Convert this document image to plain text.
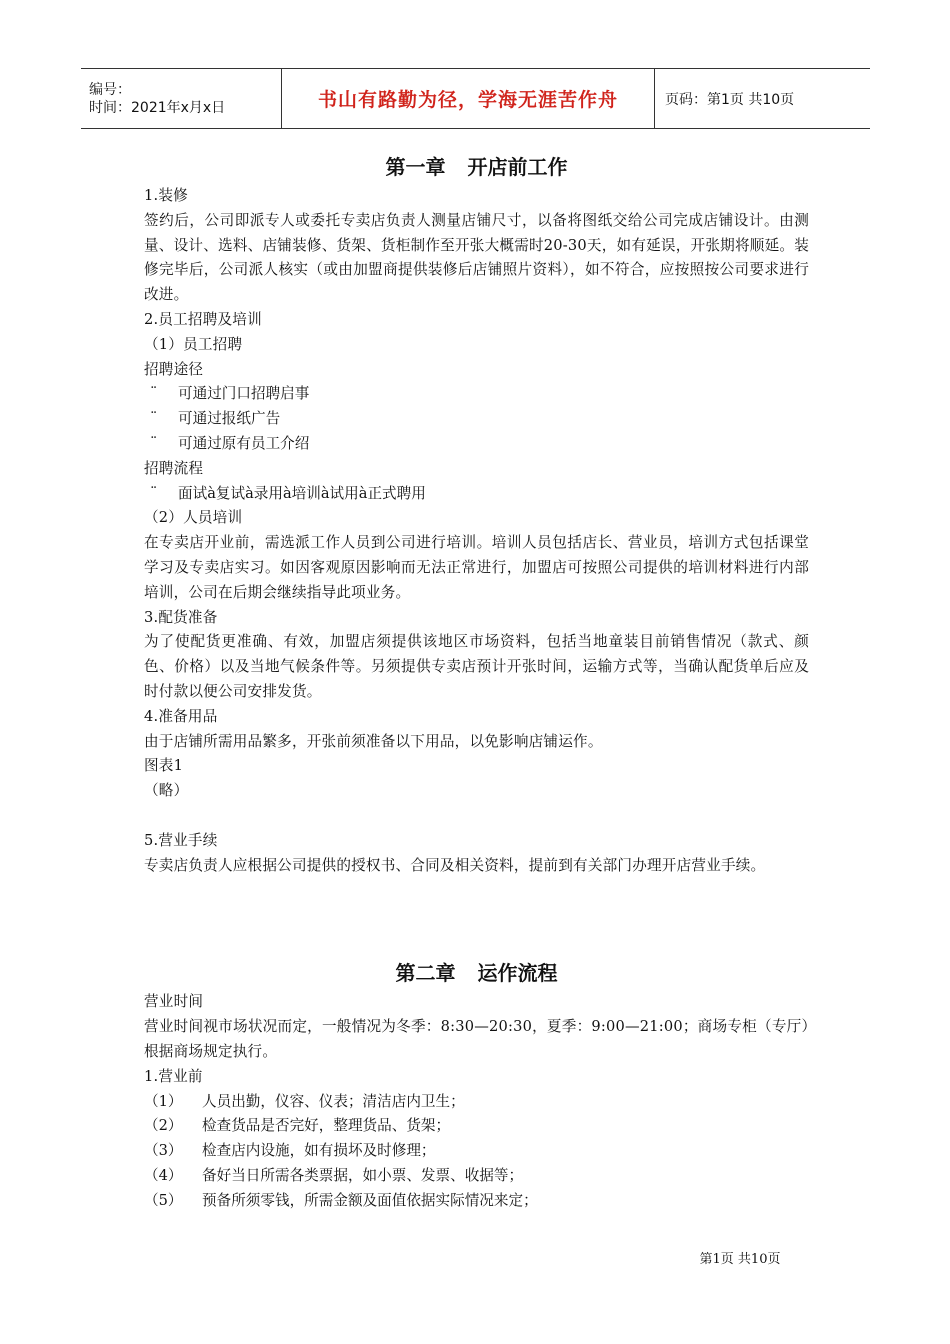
编号：
时间：2021年x月x日	书山有路勤为径，学海无涯苦作舟	页码：第1页 共10页
第一章 开店前工作

1.装修

签约后，公司即派专人或委托专卖店负责人测量店铺尺寸，以备将图纸交给公司完成店铺设计。由测量、设计、选料、店铺装修、货架、货柜制作至开张大概需时20-30天，如有延误，开张期将顺延。装修完毕后，公司派人核实（或由加盟商提供装修后店铺照片资料），如不符合，应按照按公司要求进行改进。

2.员工招聘及培训

（1）员工招聘

招聘途径

¨	可通过门口招聘启事
¨	可通过报纸广告
¨	可通过原有员工介绍

招聘流程

¨	面试à复试à录用à培训à试用à正式聘用

（2）人员培训

在专卖店开业前，需选派工作人员到公司进行培训。培训人员包括店长、营业员，培训方式包括课堂学习及专卖店实习。如因客观原因影响而无法正常进行，加盟店可按照公司提供的培训材料进行内部培训，公司在后期会继续指导此项业务。

3.配货准备

为了使配货更准确、有效，加盟店须提供该地区市场资料，包括当地童装目前销售情况（款式、颜色、价格）以及当地气候条件等。另须提供专卖店预计开张时间，运输方式等，当确认配货单后应及时付款以便公司安排发货。

4.准备用品

由于店铺所需用品繁多，开张前须准备以下用品，以免影响店铺运作。

图表1

（略）

5.营业手续

专卖店负责人应根据公司提供的授权书、合同及相关资料，提前到有关部门办理开店营业手续。

第二章 运作流程

营业时间

营业时间视市场状况而定，一般情况为冬季：8:30—20:30，夏季：9:00—21:00；商场专柜（专厅）根据商场规定执行。

1.营业前

（1）	人员出勤，仪容、仪表；清洁店内卫生；
（2）	检查货品是否完好，整理货品、货架；
（3）	检查店内设施，如有损坏及时修理；
（4）	备好当日所需各类票据，如小票、发票、收据等；
（5）	预备所须零钱，所需金额及面值依据实际情况来定；
第1页 共10页
